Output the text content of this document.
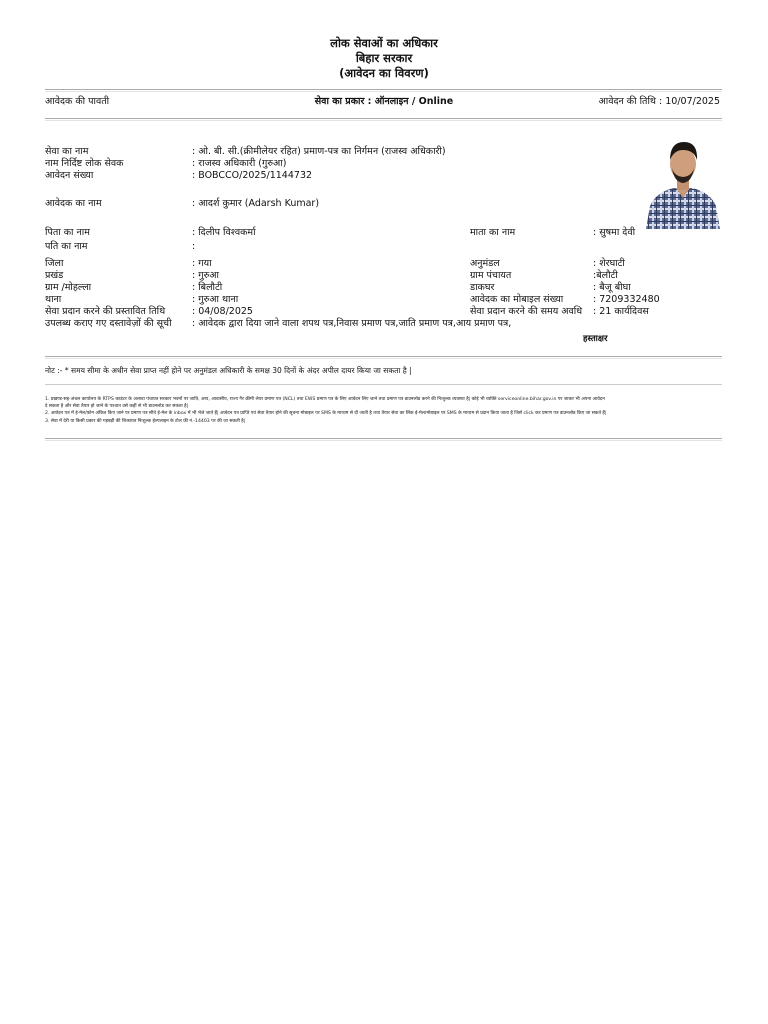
लोक सेवाओं का अधिकार
बिहार सरकार
(आवेदन का विवरण)
आवेदक की पावती	सेवा का प्रकार : ऑनलाइन / Online	आवेदन की तिथि : 10/07/2025
सेवा का नाम	: ओ. बी. सी.(क्रीमीलेयर रहित) प्रमाण-पत्र का निर्गमन (राजस्व अधिकारी)
नाम निर्दिष्ट लोक सेवक	: राजस्व अधिकारी (गुरुआ)
आवेदन संख्या	: BOBCCO/2025/1144732
आवेदक का नाम	: आदर्श कुमार (Adarsh Kumar)
पिता का नाम	: दिलीप विश्वकर्मा	माता का नाम	: सुषमा देवी
पति का नाम	:
जिला	: गया	अनुमंडल	: शेरघाटी
प्रखंड	: गुरुआ	ग्राम पंचायत	:बेलौटी
ग्राम /मोहल्ला	: बिलौटी	डाकघर	: बैजू बीघा
थाना	: गुरुआ थाना	आवेदक का मोबाइल संख्या	: 7209332480
सेवा प्रदान करने की प्रस्तावित तिथि	: 04/08/2025	सेवा प्रदान करने की समय अवधि : 21 कार्यदिवस
उपलब्ध कराए गए दस्तावेज़ों की सूची : आवेदक द्वारा दिया जाने वाला शपथ पत्र,निवास प्रमाण पत्र,जाति प्रमाण पत्र,आय प्रमाण पत्र,
हस्ताक्षर
नोट :- * समय सीमा के अधीन सेवा प्राप्त नहीं होने पर अनुमंडल अधिकारी के समक्ष 30 दिनों के अंदर अपील दायर किया जा सकता है |
1. प्रखण्ड-सह-अंचल कार्यालय के RTPS काउंटर के अलावा पंचायत सरकार भवनों पर जाति, आय, आवासीय, राज्य गैर क्रीमी लेयर प्रमाण पत्र (NCL) तथा EWS प्रमाण पत्र के लिए आवेदन लिए जाने तथा प्रमाण पत्र डाउनलोड करने की निःशुल्क व्यवस्था है| कोई भी व्यक्ति serviceonline.bihar.gov.in पर जाकर भी अपना आवेदन
दे सकता है और सेवा तैयार हो जाने के पश्चात उसे कहीं से भी डाउनलोड कर सकता है|
2. आवेदन पत्र में ई-मेल/फ़ोन अंकित किए जाने पर प्रमाण पत्र सीधे ई-मेल के inbox में भी भेजे जाते हैं| आवेदन पत्र प्राप्ति एवं सेवा तैयार होने की सूचना मोबाइल पर SMS के माध्यम से दी जाती है तथा तैयार सेवा का लिंक ई-मेल/मोबाइल पर SMS के माध्यम से प्रदान किया जाता है जिसे click कर प्रमाण पत्र डाउनलोड किए जा सकते हैं|
3. सेवा में देरी या किसी प्रकार की गड़बड़ी की शिकायत निःशुल्क हेल्पलाइन के टोल फ्री नं.-14403 पर की जा सकती है|
